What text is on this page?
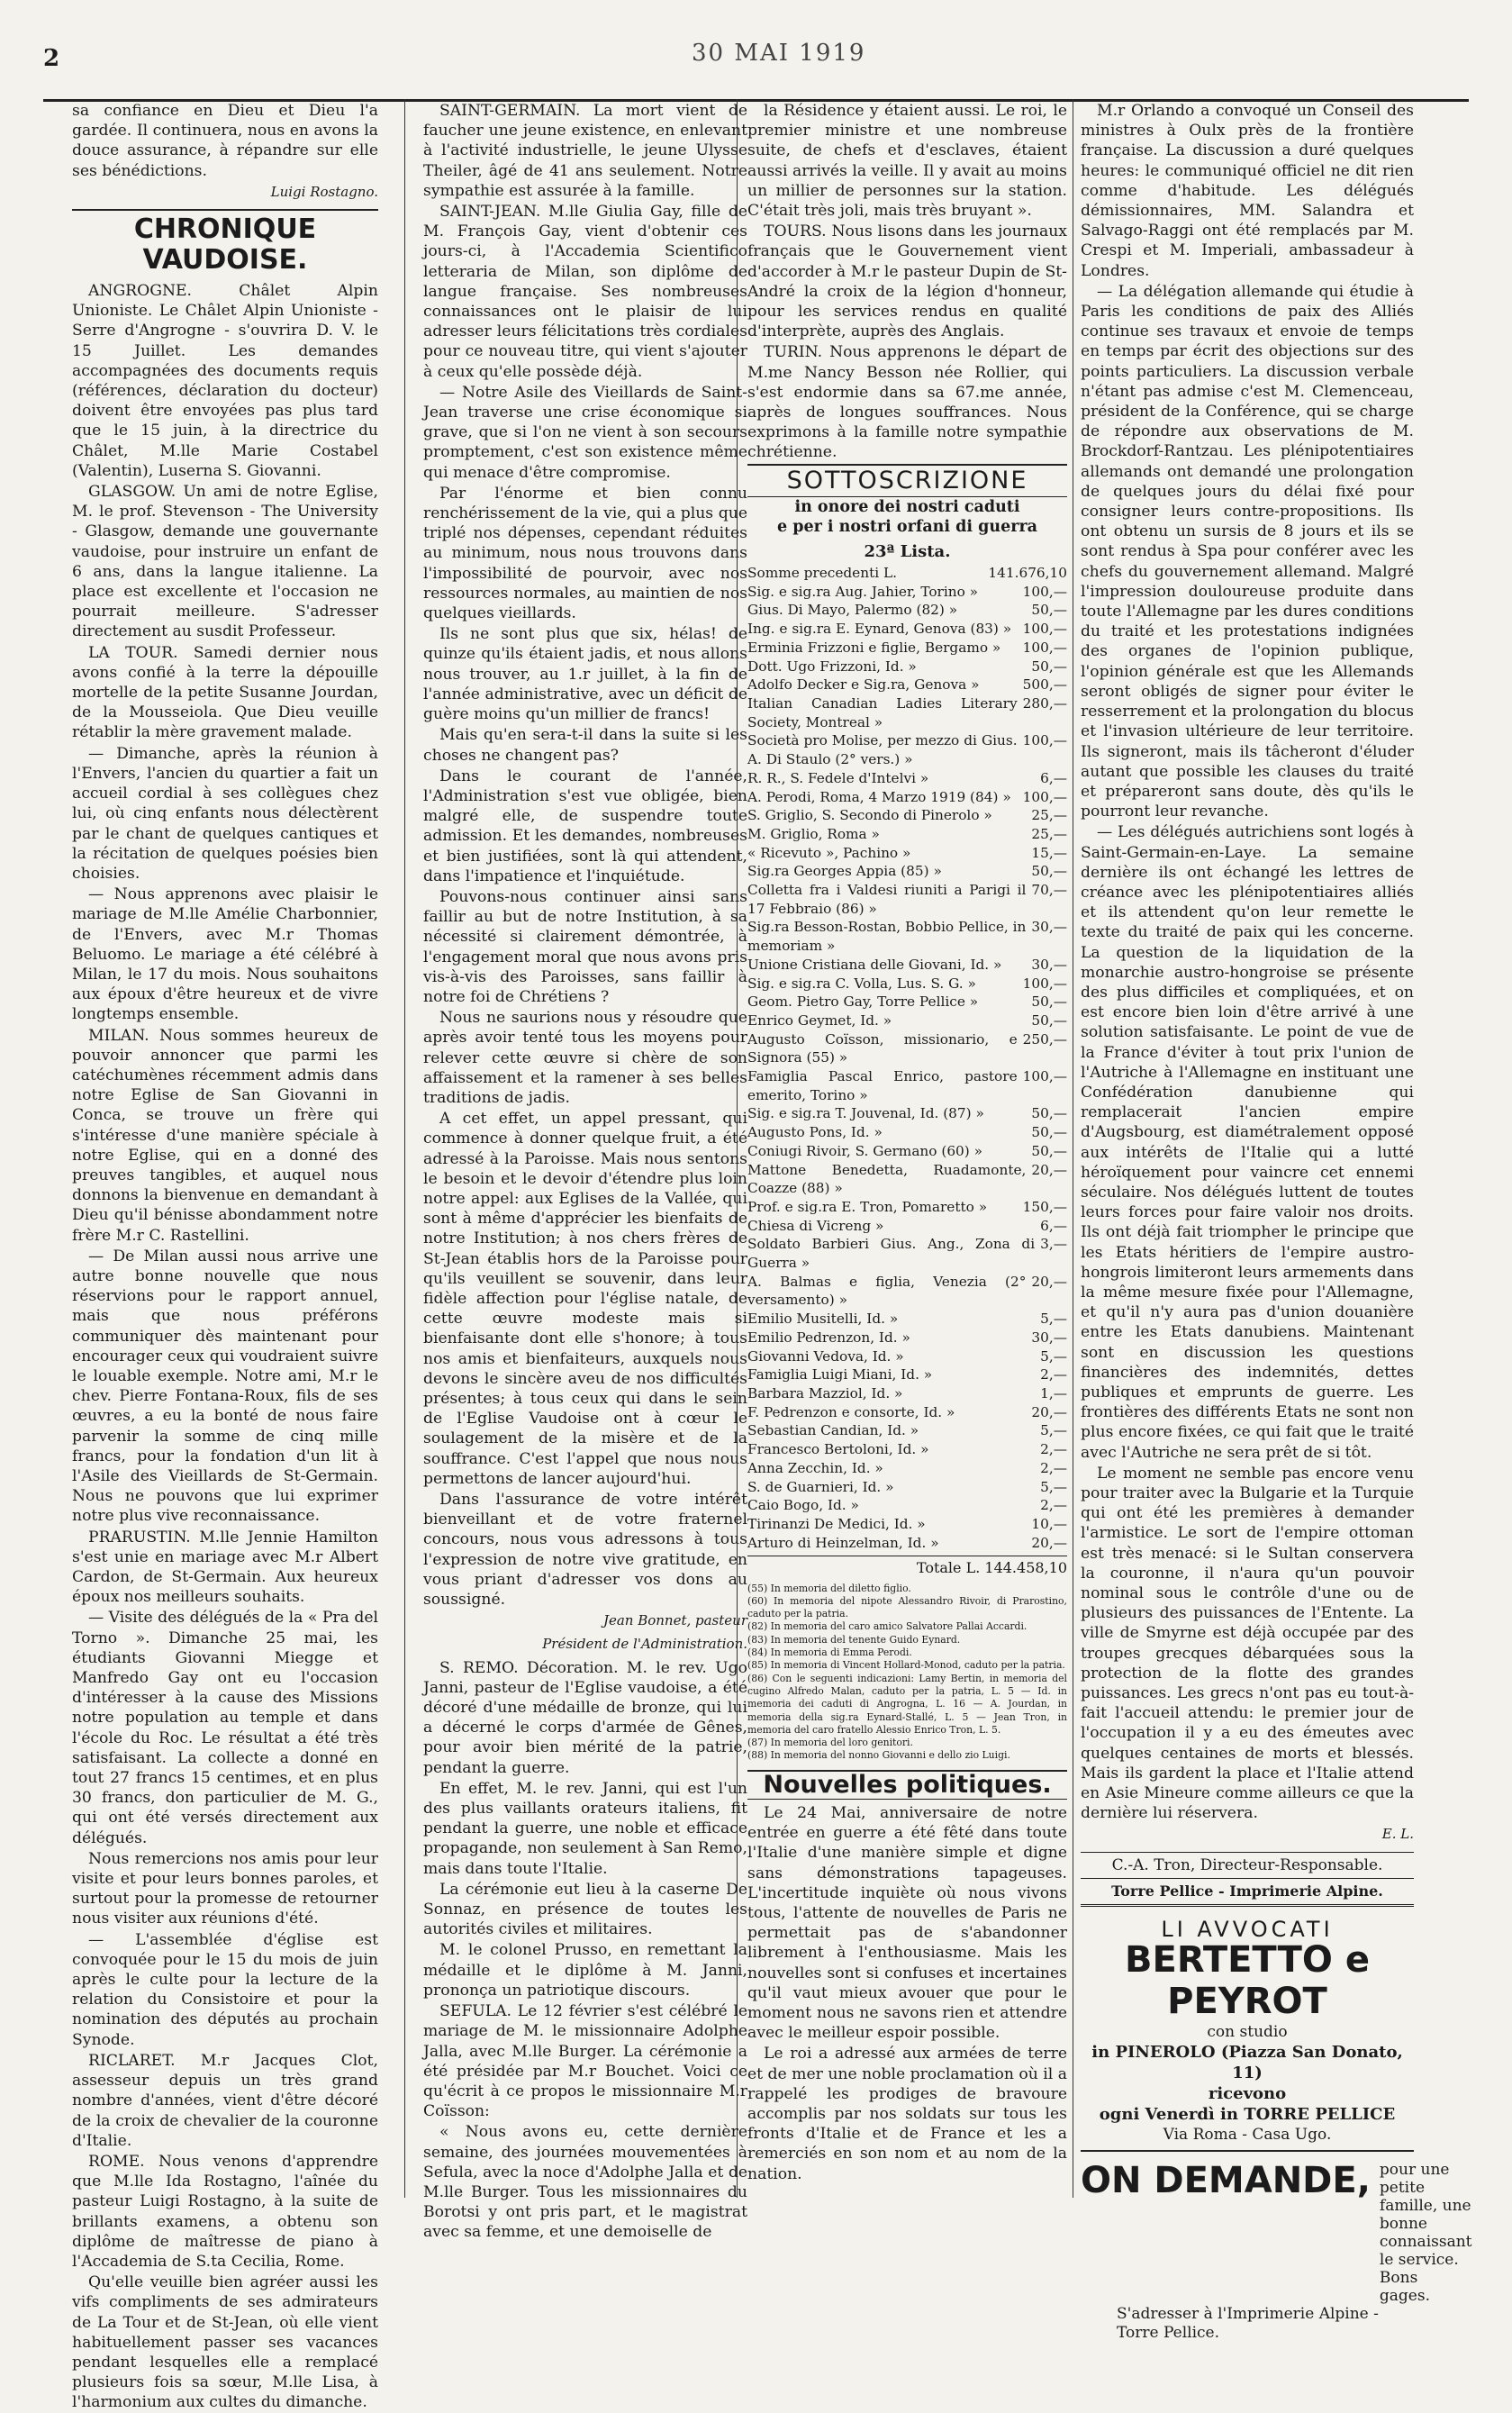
2	30 MAI 1919

sa confiance en Dieu et Dieu l'a gardée. Il continuera, nous en avons la douce assurance, à répandre sur elle ses bénédictions.

Luigi Rostagno.
CHRONIQUE VAUDOISE.

ANGROGNE. Châlet Alpin Unioniste. Le Châlet Alpin Unioniste - Serre d'Angrogne - s'ouvrira D. V. le 15 Juillet. Les demandes accompagnées des documents requis (références, déclaration du docteur) doivent être envoyées pas plus tard que le 15 juin, à la directrice du Châlet, M.lle Marie Costabel (Valentin), Luserna S. Giovanni.

GLASGOW. Un ami de notre Eglise, M. le prof. Stevenson - The University - Glasgow, demande une gouvernante vaudoise, pour instruire un enfant de 6 ans, dans la langue italienne. La place est excellente et l'occasion ne pourrait meilleure. S'adresser directement au susdit Professeur.

LA TOUR. Samedi dernier nous avons confié à la terre la dépouille mortelle de la petite Susanne Jourdan, de la Mousseiola. Que Dieu veuille rétablir la mère gravement malade.

— Dimanche, après la réunion à l'Envers, l'ancien du quartier a fait un accueil cordial à ses collègues chez lui, où cinq enfants nous délectèrent par le chant de quelques cantiques et la récitation de quelques poésies bien choisies.

— Nous apprenons avec plaisir le mariage de M.lle Amélie Charbonnier, de l'Envers, avec M.r Thomas Beluomo. Le mariage a été célébré à Milan, le 17 du mois. Nous souhaitons aux époux d'être heureux et de vivre longtemps ensemble.

MILAN. Nous sommes heureux de pouvoir annoncer que parmi les catéchumènes récemment admis dans notre Eglise de San Giovanni in Conca, se trouve un frère qui s'intéresse d'une manière spéciale à notre Eglise, qui en a donné des preuves tangibles, et auquel nous donnons la bienvenue en demandant à Dieu qu'il bénisse abondamment notre frère M.r C. Rastellini.

— De Milan aussi nous arrive une autre bonne nouvelle que nous réservions pour le rapport annuel, mais que nous préférons communiquer dès maintenant pour encourager ceux qui voudraient suivre le louable exemple. Notre ami, M.r le chev. Pierre Fontana-Roux, fils de ses œuvres, a eu la bonté de nous faire parvenir la somme de cinq mille francs, pour la fondation d'un lit à l'Asile des Vieillards de St-Germain. Nous ne pouvons que lui exprimer notre plus vive reconnaissance.

PRARUSTIN. M.lle Jennie Hamilton s'est unie en mariage avec M.r Albert Cardon, de St-Germain. Aux heureux époux nos meilleurs souhaits.

— Visite des délégués de la « Pra del Torno ». Dimanche 25 mai, les étudiants Giovanni Miegge et Manfredo Gay ont eu l'occasion d'intéresser à la cause des Missions notre population au temple et dans l'école du Roc. Le résultat a été très satisfaisant. La collecte a donné en tout 27 francs 15 centimes, et en plus 30 francs, don particulier de M. G., qui ont été versés directement aux délégués.

Nous remercions nos amis pour leur visite et pour leurs bonnes paroles, et surtout pour la promesse de retourner nous visiter aux réunions d'été.

— L'assemblée d'église est convoquée pour le 15 du mois de juin après le culte pour la lecture de la relation du Consistoire et pour la nomination des députés au prochain Synode.

RICLARET. M.r Jacques Clot, assesseur depuis un très grand nombre d'années, vient d'être décoré de la croix de chevalier de la couronne d'Italie.

ROME. Nous venons d'apprendre que M.lle Ida Rostagno, l'aînée du pasteur Luigi Rostagno, à la suite de brillants examens, a obtenu son diplôme de maîtresse de piano à l'Accademia de S.ta Cecilia, Rome.

Qu'elle veuille bien agréer aussi les vifs compliments de ses admirateurs de La Tour et de St-Jean, où elle vient habituellement passer ses vacances pendant lesquelles elle a remplacé plusieurs fois sa sœur, M.lle Lisa, à l'harmonium aux cultes du dimanche.

SAINT-GERMAIN. La mort vient de faucher une jeune existence, en enlevant à l'activité industrielle, le jeune Ulysse Theiler, âgé de 41 ans seulement. Notre sympathie est assurée à la famille.

SAINT-JEAN. M.lle Giulia Gay, fille de M. François Gay, vient d'obtenir ces jours-ci, à l'Accademia Scientifico letteraria de Milan, son diplôme de langue française. Ses nombreuses connaissances ont le plaisir de lui adresser leurs félicitations très cordiales pour ce nouveau titre, qui vient s'ajouter à ceux qu'elle possède déjà.

— Notre Asile des Vieillards de Saint-Jean traverse une crise économique si grave, que si l'on ne vient à son secours promptement, c'est son existence même qui menace d'être compromise.

Par l'énorme et bien connu renchérissement de la vie, qui a plus que triplé nos dépenses, cependant réduites au minimum, nous nous trouvons dans l'impossibilité de pourvoir, avec nos ressources normales, au maintien de nos quelques vieillards.

Ils ne sont plus que six, hélas! de quinze qu'ils étaient jadis, et nous allons nous trouver, au 1.r juillet, à la fin de l'année administrative, avec un déficit de guère moins qu'un millier de francs!

Mais qu'en sera-t-il dans la suite si les choses ne changent pas?

Dans le courant de l'année, l'Administration s'est vue obligée, bien malgré elle, de suspendre toute admission. Et les demandes, nombreuses et bien justifiées, sont là qui attendent, dans l'impatience et l'inquiétude.

Pouvons-nous continuer ainsi sans faillir au but de notre Institution, à sa nécessité si clairement démontrée, à l'engagement moral que nous avons pris vis-à-vis des Paroisses, sans faillir à notre foi de Chrétiens ?

Nous ne saurions nous y résoudre que après avoir tenté tous les moyens pour relever cette œuvre si chère de son affaissement et la ramener à ses belles traditions de jadis.

A cet effet, un appel pressant, qui commence à donner quelque fruit, a été adressé à la Paroisse. Mais nous sentons le besoin et le devoir d'étendre plus loin notre appel: aux Eglises de la Vallée, qui sont à même d'apprécier les bienfaits de notre Institution; à nos chers frères de St-Jean établis hors de la Paroisse pour qu'ils veuillent se souvenir, dans leur fidèle affection pour l'église natale, de cette œuvre modeste mais si bienfaisante dont elle s'honore; à tous nos amis et bienfaiteurs, auxquels nous devons le sincère aveu de nos difficultés présentes; à tous ceux qui dans le sein de l'Eglise Vaudoise ont à cœur le soulagement de la misère et de la souffrance. C'est l'appel que nous nous permettons de lancer aujourd'hui.

Dans l'assurance de votre intérêt bienveillant et de votre fraternel concours, nous vous adressons à tous l'expression de notre vive gratitude, en vous priant d'adresser vos dons au soussigné.

Jean Bonnet, pasteur
Président de l'Administration.

S. REMO. Décoration. M. le rev. Ugo Janni, pasteur de l'Eglise vaudoise, a été décoré d'une médaille de bronze, qui lui a décerné le corps d'armée de Gênes, pour avoir bien mérité de la patrie, pendant la guerre.

En effet, M. le rev. Janni, qui est l'un des plus vaillants orateurs italiens, fit pendant la guerre, une noble et efficace propagande, non seulement à San Remo, mais dans toute l'Italie.

La cérémonie eut lieu à la caserne De Sonnaz, en présence de toutes les autorités civiles et militaires.

M. le colonel Prusso, en remettant la médaille et le diplôme à M. Janni, prononça un patriotique discours.

SEFULA. Le 12 février s'est célébré le mariage de M. le missionnaire Adolphe Jalla, avec M.lle Burger. La cérémonie a été présidée par M.r Bouchet. Voici ce qu'écrit à ce propos le missionnaire M.r Coïsson:

« Nous avons eu, cette dernière semaine, des journées mouvementées à Sefula, avec la noce d'Adolphe Jalla et de M.lle Burger. Tous les missionnaires du Borotsi y ont pris part, et le magistrat avec sa femme, et une demoiselle de

la Résidence y étaient aussi. Le roi, le premier ministre et une nombreuse suite, de chefs et d'esclaves, étaient aussi arrivés la veille. Il y avait au moins un millier de personnes sur la station. C'était très joli, mais très bruyant ».

TOURS. Nous lisons dans les journaux français que le Gouvernement vient d'accorder à M.r le pasteur Dupin de St-André la croix de la légion d'honneur, pour les services rendus en qualité d'interprète, auprès des Anglais.

TURIN. Nous apprenons le départ de M.me Nancy Besson née Rollier, qui s'est endormie dans sa 67.me année, après de longues souffrances. Nous exprimons à la famille notre sympathie chrétienne.

SOTTOSCRIZIONE
in onore dei nostri caduti
e per i nostri orfani di guerra
23ª Lista.
Somme precedenti L.	141.676,10
Sig. e sig.ra Aug. Jahier, Torino »	100,—
Gius. Di Mayo, Palermo (82) »	50,—
Ing. e sig.ra E. Eynard, Genova (83) » 100,—
Erminia Frizzoni e figlie, Bergamo »	100,—
Dott. Ugo Frizzoni, Id. »	50,—
Adolfo Decker e Sig.ra, Genova »	500,—
Italian Canadian Ladies Literary Society, Montreal »
280,—
Società pro Molise, per mezzo di Gius. A. Di Staulo (2° vers.) »
100,—
R. R., S. Fedele d'Intelvi »	6,—
A. Perodi, Roma, 4 Marzo 1919 (84) » 100,—
S. Griglio, S. Secondo di Pinerolo »	25,—
M. Griglio, Roma »	25,—
« Ricevuto », Pachino »	15,—
Sig.ra Georges Appia (85) »	50,—
Colletta fra i Valdesi riuniti a Parigi il 17 Febbraio (86) »
70,—
Sig.ra Besson-Rostan, Bobbio Pellice, in memoriam »
30,—
Unione Cristiana delle Giovani, Id. »	30,—
Sig. e sig.ra C. Volla, Lus. S. G. »	100,—
Geom. Pietro Gay, Torre Pellice »	50,—
Enrico Geymet, Id. »	50,—
Augusto Coïsson, missionario, e Signora (55) »
250,—
Famiglia Pascal Enrico, pastore emerito, Torino »
100,—
Sig. e sig.ra T. Jouvenal, Id. (87) »	50,—
Augusto Pons, Id. »	50,—
Coniugi Rivoir, S. Germano (60) »	50,—
Mattone Benedetta, Ruadamonte, Coazze (88) »
20,—
Prof. e sig.ra E. Tron, Pomaretto »	150,—
Chiesa di Vicreng »	6,—
Soldato Barbieri Gius. Ang., Zona di Guerra »
3,—
A. Balmas e figlia, Venezia (2° versamento) »
20,—
Emilio Musitelli, Id. »	5,—
Emilio Pedrenzon, Id. »	30,—
Giovanni Vedova, Id. »	5,—
Famiglia Luigi Miani, Id. »	2,—
Barbara Mazziol, Id. »	1,—
F. Pedrenzon e consorte, Id. »	20,—
Sebastian Candian, Id. »	5,—
Francesco Bertoloni, Id. »	2,—
Anna Zecchin, Id. »	2,—
S. de Guarnieri, Id. »	5,—
Caio Bogo, Id. »	2,—
Tirinanzi De Medici, Id. »	10,—
Arturo di Heinzelman, Id. »	20,—
Totale L. 144.458,10
(55) In memoria del diletto figlio.
(60) In memoria del nipote Alessandro Rivoir, di Prarostino, caduto per la patria.
(82) In memoria del caro amico Salvatore Pallai Accardi.
(83) In memoria del tenente Guido Eynard.
(84) In memoria di Emma Perodi.
(85) In memoria di Vincent Hollard-Monod, caduto per la patria.
(86) Con le seguenti indicazioni: Lamy Bertin, in memoria del cugino Alfredo Malan, caduto per la patria, L. 5 — Id. in memoria dei caduti di Angrogna, L. 16 — A. Jourdan, in memoria della sig.ra Eynard-Stallé, L. 5 — Jean Tron, in memoria del caro fratello Alessio Enrico Tron, L. 5.
(87) In memoria del loro genitori.
(88) In memoria del nonno Giovanni e dello zio Luigi.
Nouvelles politiques.

Le 24 Mai, anniversaire de notre entrée en guerre a été fêté dans toute l'Italie d'une manière simple et digne sans démonstrations tapageuses. L'incertitude inquiète où nous vivons tous, l'attente de nouvelles de Paris ne permettait pas de s'abandonner librement à l'enthousiasme. Mais les nouvelles sont si confuses et incertaines qu'il vaut mieux avouer que pour le moment nous ne savons rien et attendre avec le meilleur espoir possible.

Le roi a adressé aux armées de terre et de mer une noble proclamation où il a rappelé les prodiges de bravoure accomplis par nos soldats sur tous les fronts d'Italie et de France et les a remerciés en son nom et au nom de la nation.

M.r Orlando a convoqué un Conseil des ministres à Oulx près de la frontière française. La discussion a duré quelques heures: le communiqué officiel ne dit rien comme d'habitude. Les délégués démissionnaires, MM. Salandra et Salvago-Raggi ont été remplacés par M. Crespi et M. Imperiali, ambassadeur à Londres.

— La délégation allemande qui étudie à Paris les conditions de paix des Alliés continue ses travaux et envoie de temps en temps par écrit des objections sur des points particuliers. La discussion verbale n'étant pas admise c'est M. Clemenceau, président de la Conférence, qui se charge de répondre aux observations de M. Brockdorf-Rantzau. Les plénipotentiaires allemands ont demandé une prolongation de quelques jours du délai fixé pour consigner leurs contre-propositions. Ils ont obtenu un sursis de 8 jours et ils se sont rendus à Spa pour conférer avec les chefs du gouvernement allemand. Malgré l'impression douloureuse produite dans toute l'Allemagne par les dures conditions du traité et les protestations indignées des organes de l'opinion publique, l'opinion générale est que les Allemands seront obligés de signer pour éviter le resserrement et la prolongation du blocus et l'invasion ultérieure de leur territoire. Ils signeront, mais ils tâcheront d'éluder autant que possible les clauses du traité et prépareront sans doute, dès qu'ils le pourront leur revanche.

— Les délégués autrichiens sont logés à Saint-Germain-en-Laye. La semaine dernière ils ont échangé les lettres de créance avec les plénipotentiaires alliés et ils attendent qu'on leur remette le texte du traité de paix qui les concerne. La question de la liquidation de la monarchie austro-hongroise se présente des plus difficiles et compliquées, et on est encore bien loin d'être arrivé à une solution satisfaisante. Le point de vue de la France d'éviter à tout prix l'union de l'Autriche à l'Allemagne en instituant une Confédération danubienne qui remplacerait l'ancien empire d'Augsbourg, est diamétralement opposé aux intérêts de l'Italie qui a lutté héroïquement pour vaincre cet ennemi séculaire. Nos délégués luttent de toutes leurs forces pour faire valoir nos droits. Ils ont déjà fait triompher le principe que les Etats héritiers de l'empire austro-hongrois limiteront leurs armements dans la même mesure fixée pour l'Allemagne, et qu'il n'y aura pas d'union douanière entre les Etats danubiens. Maintenant sont en discussion les questions financières des indemnités, dettes publiques et emprunts de guerre. Les frontières des différents Etats ne sont non plus encore fixées, ce qui fait que le traité avec l'Autriche ne sera prêt de si tôt.

Le moment ne semble pas encore venu pour traiter avec la Bulgarie et la Turquie qui ont été les premières à demander l'armistice. Le sort de l'empire ottoman est très menacé: si le Sultan conservera la couronne, il n'aura qu'un pouvoir nominal sous le contrôle d'une ou de plusieurs des puissances de l'Entente. La ville de Smyrne est déjà occupée par des troupes grecques débarquées sous la protection de la flotte des grandes puissances. Les grecs n'ont pas eu tout-à-fait l'accueil attendu: le premier jour de l'occupation il y a eu des émeutes avec quelques centaines de morts et blessés. Mais ils gardent la place et l'Italie attend en Asie Mineure comme ailleurs ce que la dernière lui réservera.

E. L.
C.-A. Tron, Directeur-Responsable.
Torre Pellice - Imprimerie Alpine.
LI AVVOCATI
BERTETTO e PEYROT
con studio
in PINEROLO (Piazza San Donato, 11)
ricevono
ogni Venerdì in TORRE PELLICE
Via Roma - Casa Ugo.
ON DEMANDE, pour une petite famille, une bonne connaissant le service. Bons gages.
S'adresser à l'Imprimerie Alpine - Torre Pellice.
